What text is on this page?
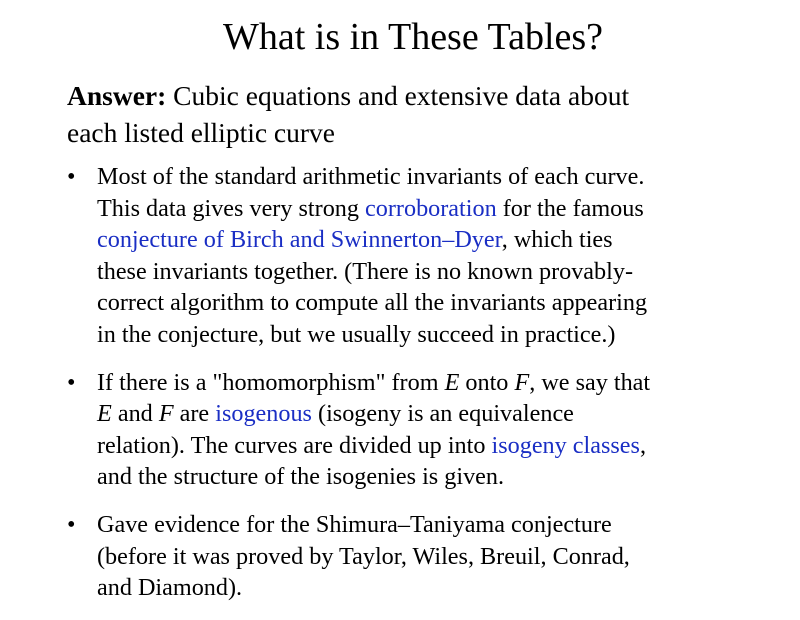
What is in These Tables?
Answer: Cubic equations and extensive data about
each listed elliptic curve
• Most of the standard arithmetic invariants of each curve.
This data gives very strong corroboration for the famous
conjecture of Birch and Swinnerton–Dyer, which ties
these invariants together. (There is no known provably-
correct algorithm to compute all the invariants appearing
in the conjecture, but we usually succeed in practice.)
• If there is a "homomorphism" from E onto F, we say that
E and F are isogenous (isogeny is an equivalence
relation). The curves are divided up into isogeny classes,
and the structure of the isogenies is given.
• Gave evidence for the Shimura–Taniyama conjecture
(before it was proved by Taylor, Wiles, Breuil, Conrad,
and Diamond).
